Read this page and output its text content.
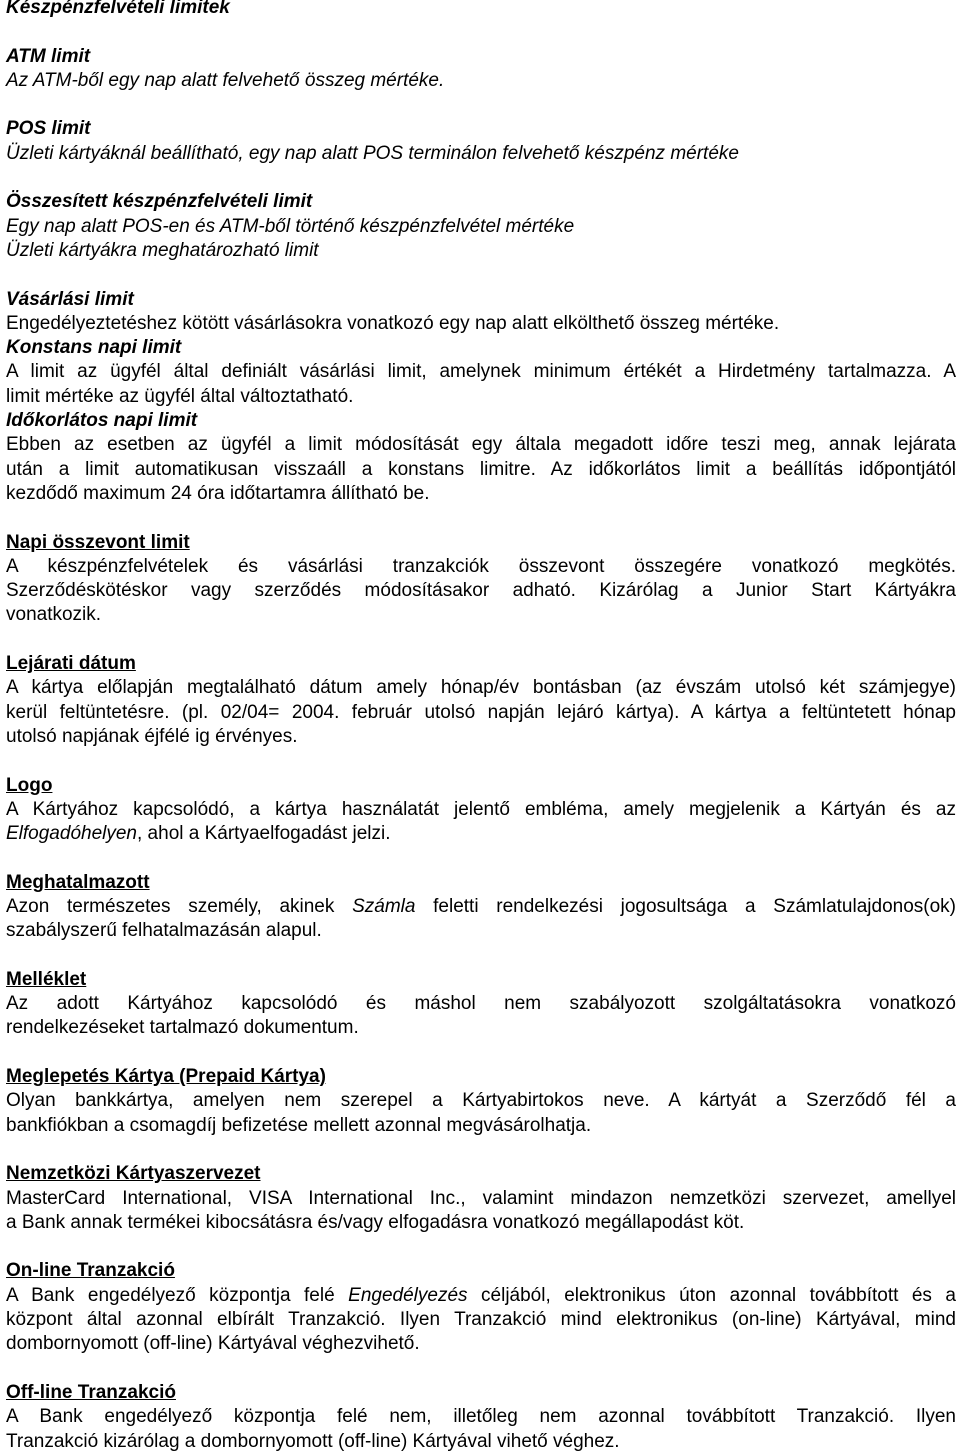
Készpénzfelvételi limitek
ATM limit
Az ATM-ből egy nap alatt felvehető összeg mértéke.
POS limit
Üzleti kártyáknál beállítható, egy nap alatt POS terminálon felvehető készpénz mértéke
Összesített készpénzfelvételi limit
Egy nap alatt POS-en és ATM-ből történő készpénzfelvétel mértéke
Üzleti kártyákra meghatározható limit
Vásárlási limit
Engedélyeztetéshez kötött vásárlásokra vonatkozó egy nap alatt elkölthető összeg mértéke.
Konstans napi limit
A limit az ügyfél által definiált vásárlási limit, amelynek minimum értékét a Hirdetmény tartalmazza. A
limit mértéke az ügyfél által változtatható.
Időkorlátos napi limit
Ebben az esetben az ügyfél a limit módosítását egy általa megadott időre teszi meg, annak lejárata
után a limit automatikusan visszaáll a konstans limitre. Az időkorlátos limit a beállítás időpontjától
kezdődő maximum 24 óra időtartamra állítható be.
Napi összevont limit
A készpénzfelvételek és vásárlási tranzakciók összevont összegére vonatkozó megkötés.
Szerződéskötéskor vagy szerződés módosításakor adható. Kizárólag a Junior Start Kártyákra
vonatkozik.
Lejárati dátum
A kártya előlapján megtalálható dátum amely hónap/év bontásban (az évszám utolsó két számjegye)
kerül feltüntetésre. (pl. 02/04= 2004. február utolsó napján lejáró kártya). A kártya a feltüntetett hónap
utolsó napjának éjfélé ig érvényes.
Logo
A Kártyához kapcsolódó, a kártya használatát jelentő embléma, amely megjelenik a Kártyán és az
Elfogadóhelyen, ahol a Kártyaelfogadást jelzi.
Meghatalmazott
Azon természetes személy, akinek Számla feletti rendelkezési jogosultsága a Számlatulajdonos(ok)
szabályszerű felhatalmazásán alapul.
Melléklet
Az adott Kártyához kapcsolódó és máshol nem szabályozott szolgáltatásokra vonatkozó
rendelkezéseket tartalmazó dokumentum.
Meglepetés Kártya (Prepaid Kártya)
Olyan bankkártya, amelyen nem szerepel a Kártyabirtokos neve. A kártyát a Szerződő fél a
bankfiókban a csomagdíj befizetése mellett azonnal megvásárolhatja.
Nemzetközi Kártyaszervezet
MasterCard International, VISA International Inc., valamint mindazon nemzetközi szervezet, amellyel
a Bank annak termékei kibocsátásra és/vagy elfogadásra vonatkozó megállapodást köt.
On-line Tranzakció
A Bank engedélyező központja felé Engedélyezés céljából, elektronikus úton azonnal továbbított és a
központ által azonnal elbírált Tranzakció. Ilyen Tranzakció mind elektronikus (on-line) Kártyával, mind
dombornyomott (off-line) Kártyával véghezvihető.
Off-line Tranzakció
A Bank engedélyező központja felé nem, illetőleg nem azonnal továbbított Tranzakció. Ilyen
Tranzakció kizárólag a dombornyomott (off-line) Kártyával vihető véghez.
